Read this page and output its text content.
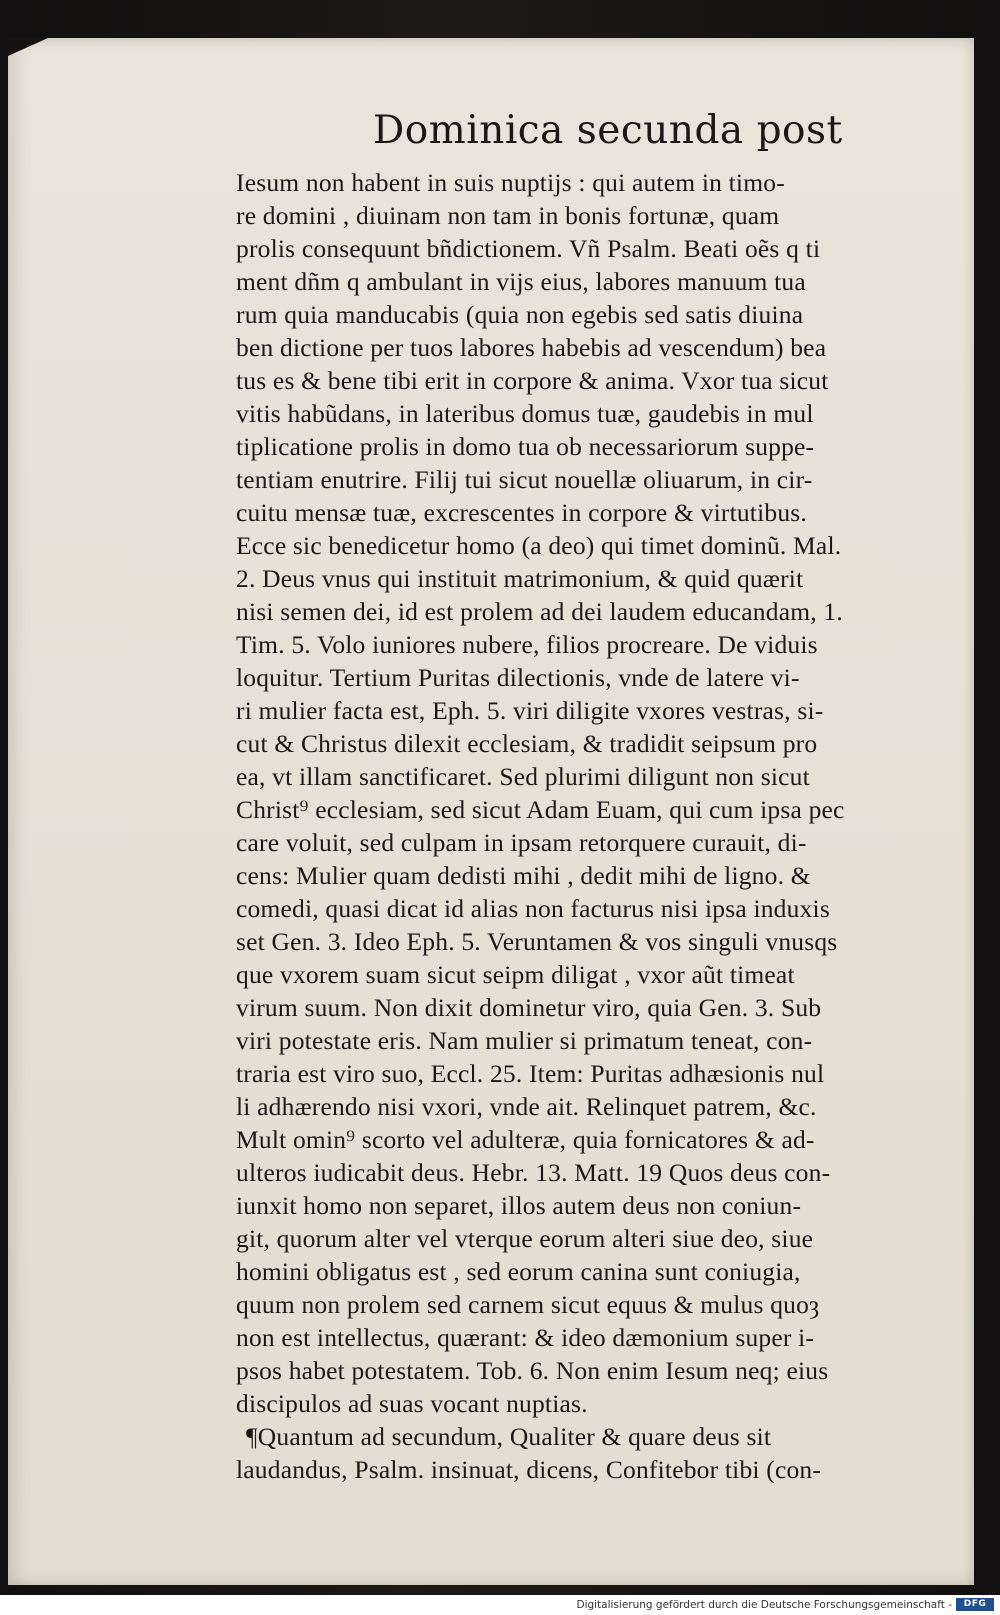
Dominica secunda post
Iesum non habent in suis nuptijs : qui autem in timo-
re domini , diuinam non tam in bonis fortunæ, quam
prolis consequunt bñdictionem. Vñ Psalm. Beati oẽs q ti
ment dñm q ambulant in vijs eius, labores manuum tua
rum quia manducabis (quia non egebis sed satis diuina
ben dictione per tuos labores habebis ad vescendum) bea
tus es & bene tibi erit in corpore & anima. Vxor tua sicut
vitis habũdans, in lateribus domus tuæ, gaudebis in mul
tiplicatione prolis in domo tua ob necessariorum suppe-
tentiam enutrire. Filij tui sicut nouellæ oliuarum, in cir-
cuitu mensæ tuæ, excrescentes in corpore & virtutibus.
Ecce sic benedicetur homo (a deo) qui timet dominũ. Mal.
2. Deus vnus qui instituit matrimonium, & quid quærit
nisi semen dei, id est prolem ad dei laudem educandam, 1.
Tim. 5. Volo iuniores nubere, filios procreare. De viduis
loquitur. Tertium Puritas dilectionis, vnde de latere vi-
ri mulier facta est, Eph. 5. viri diligite vxores vestras, si-
cut & Christus dilexit ecclesiam, & tradidit seipsum pro
ea, vt illam sanctificaret. Sed plurimi diligunt non sicut
Christ⁹ ecclesiam, sed sicut Adam Euam, qui cum ipsa pec
care voluit, sed culpam in ipsam retorquere curauit, di-
cens: Mulier quam dedisti mihi , dedit mihi de ligno. &
comedi, quasi dicat id alias non facturus nisi ipsa induxis
set Gen. 3. Ideo Eph. 5. Veruntamen & vos singuli vnusqs
que vxorem suam sicut seipm diligat , vxor aũt timeat
virum suum. Non dixit dominetur viro, quia Gen. 3. Sub
viri potestate eris. Nam mulier si primatum teneat, con-
traria est viro suo, Eccl. 25. Item: Puritas adhæsionis nul
li adhærendo nisi vxori, vnde ait. Relinquet patrem, &c.
Mult omin⁹ scorto vel adulteræ, quia fornicatores & ad-
ulteros iudicabit deus. Hebr. 13. Matt. 19 Quos deus con-
iunxit homo non separet, illos autem deus non coniun-
git, quorum alter vel vterque eorum alteri siue deo, siue
homini obligatus est , sed eorum canina sunt coniugia,
quum non prolem sed carnem sicut equus & mulus quoȝ
non est intellectus, quærant: & ideo dæmonium super i-
psos habet potestatem. Tob. 6. Non enim Iesum neq; eius
discipulos ad suas vocant nuptias.
¶Quantum ad secundum, Qualiter & quare deus sit
laudandus, Psalm. insinuat, dicens, Confitebor tibi (con-
Digitalisierung gefördert durch die Deutsche Forschungsgemeinschaft -	DFG
